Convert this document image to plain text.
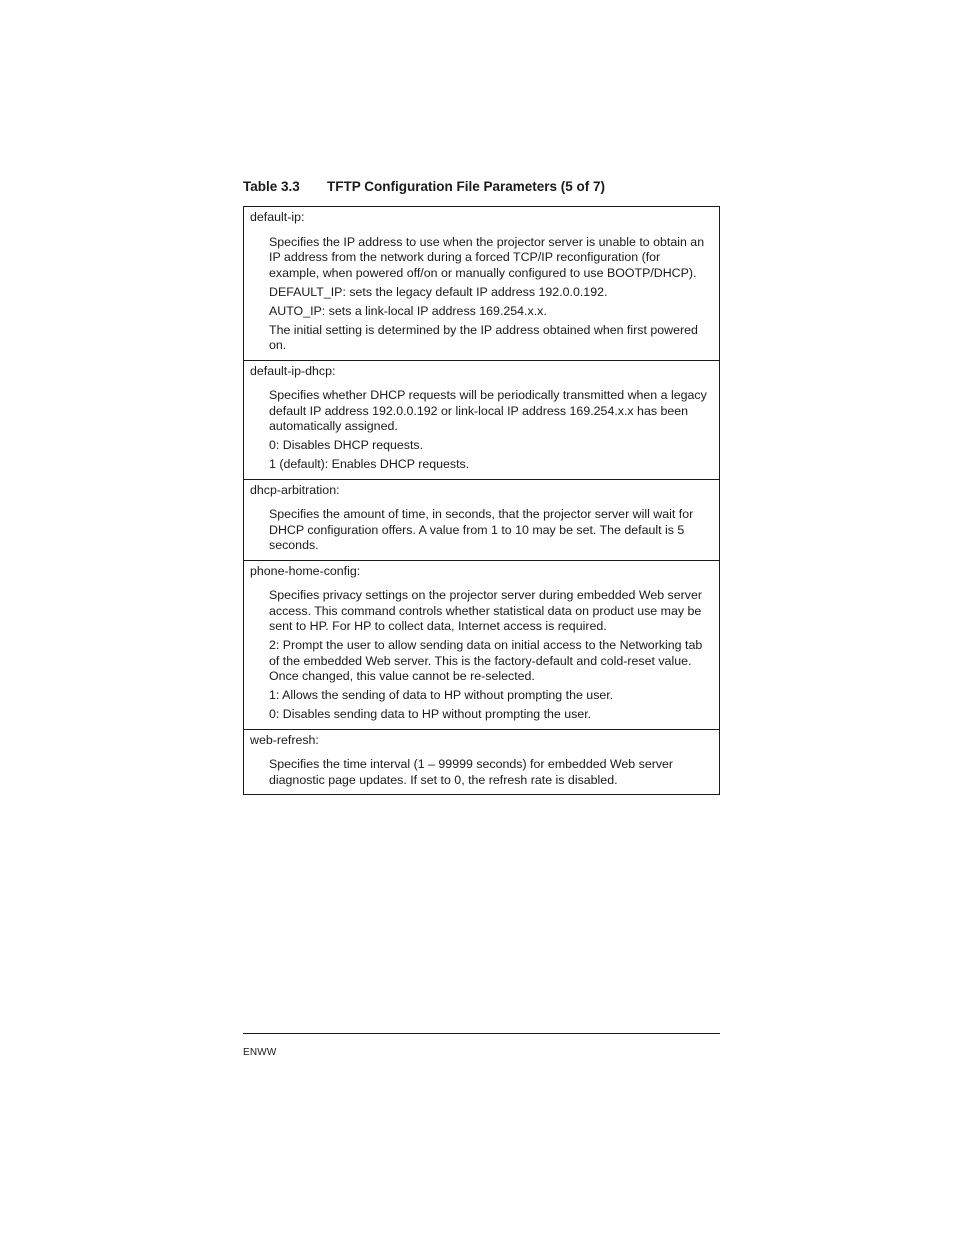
Table 3.3 TFTP Configuration File Parameters (5 of 7)
default-ip:

Specifies the IP address to use when the projector server is unable to obtain an IP address from the network during a forced TCP/IP reconfiguration (for example, when powered off/on or manually configured to use BOOTP/DHCP).

DEFAULT_IP: sets the legacy default IP address 192.0.0.192.

AUTO_IP: sets a link-local IP address 169.254.x.x.

The initial setting is determined by the IP address obtained when first powered on.

default-ip-dhcp:

Specifies whether DHCP requests will be periodically transmitted when a legacy default IP address 192.0.0.192 or link-local IP address 169.254.x.x has been automatically assigned.

0: Disables DHCP requests.

1 (default): Enables DHCP requests.

dhcp-arbitration:

Specifies the amount of time, in seconds, that the projector server will wait for DHCP configuration offers. A value from 1 to 10 may be set. The default is 5 seconds.

phone-home-config:

Specifies privacy settings on the projector server during embedded Web server access. This command controls whether statistical data on product use may be sent to HP. For HP to collect data, Internet access is required.

2: Prompt the user to allow sending data on initial access to the Networking tab of the embedded Web server. This is the factory-default and cold-reset value. Once changed, this value cannot be re-selected.

1: Allows the sending of data to HP without prompting the user.

0: Disables sending data to HP without prompting the user.

web-refresh:

Specifies the time interval (1 – 99999 seconds) for embedded Web server diagnostic page updates. If set to 0, the refresh rate is disabled.

ENWW
